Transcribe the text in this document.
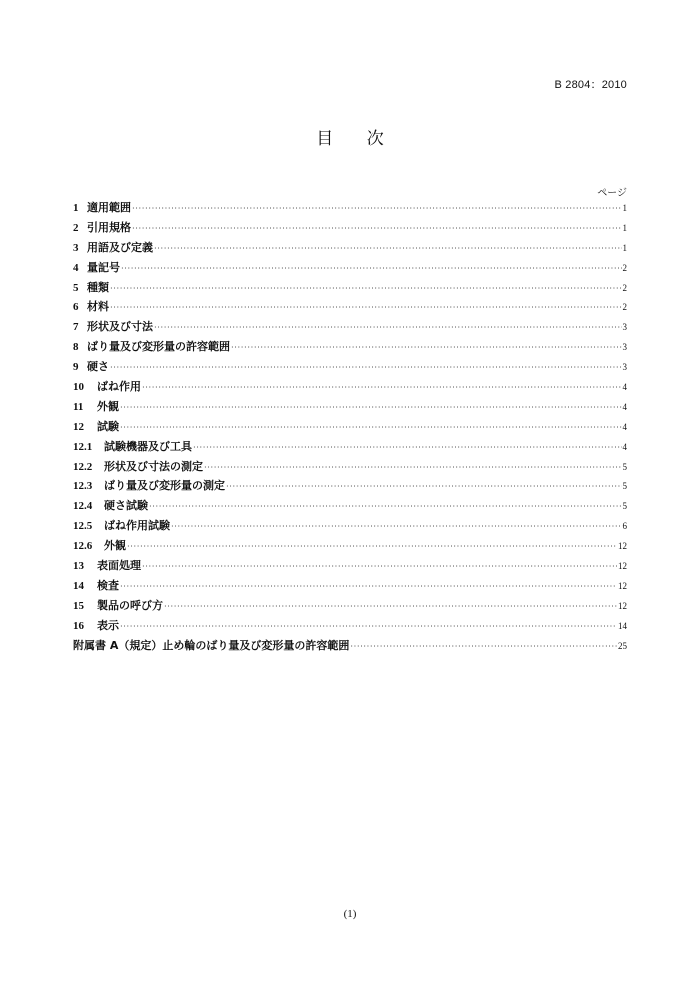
B 2804：2010
目 次
ページ
1 適用範囲 ·····	1
2 引用規格 ·····	1
3 用語及び定義 ·····	1
4 量記号 ·····	2
5 種類 ·····	2
6 材料 ·····	2
7 形状及び寸法 ·····	3
8 ばり量及び変形量の許容範囲 ·····	3
9 硬さ ·····	3
10	ばね作用 ·····	4
11	外観 ·····	4
12	試験 ·····	4
12.1	試験機器及び工具 ·····	4
12.2	形状及び寸法の測定 ·····	5
12.3	ばり量及び変形量の測定 ·····	5
12.4	硬さ試験 ·····	5
12.5	ばね作用試験 ·····	6
12.6	外観 ·····	12
13	表面処理 ·····	12
14	検査 ·····	12
15	製品の呼び方 ·····	12
16	表示 ·····	14
附属書 A（規定）止め輪のばり量及び変形量の許容範囲 ·····	25
(1)
